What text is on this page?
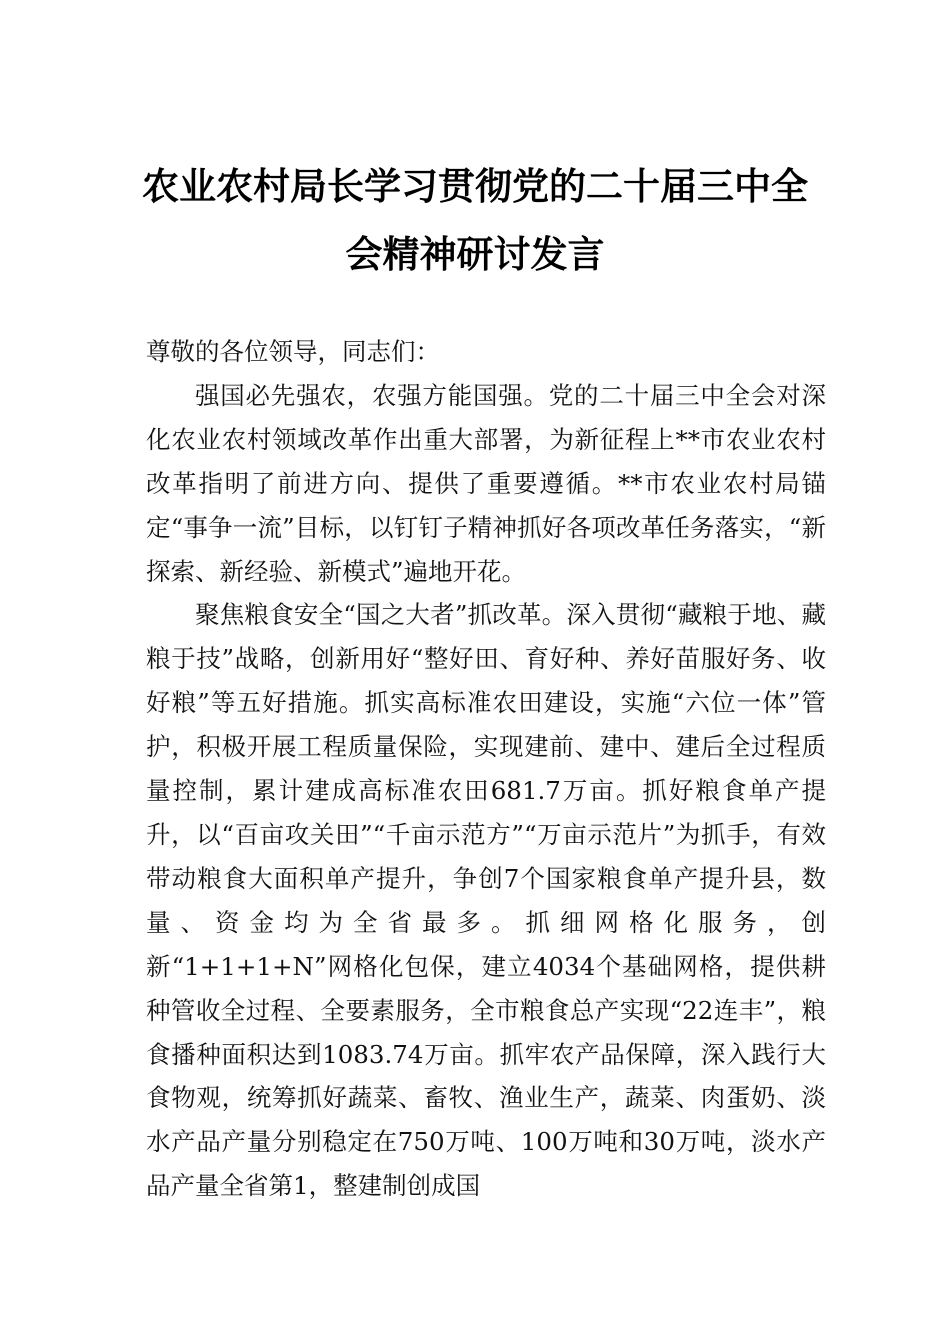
农业农村局长学习贯彻党的二十届三中全
会精神研讨发言

尊敬的各位领导，同志们：

强国必先强农，农强方能国强。党的二十届三中全会对深化农业农村领域改革作出重大部署，为新征程上**市农业农村改革指明了前进方向、提供了重要遵循。**市农业农村局锚定“事争一流”目标，以钉钉子精神抓好各项改革任务落实，“新探索、新经验、新模式”遍地开花。

聚焦粮食安全“国之大者”抓改革。深入贯彻“藏粮于地、藏粮于技”战略，创新用好“整好田、育好种、养好苗服好务、收好粮”等五好措施。抓实高标准农田建设，实施“六位一体”管护，积极开展工程质量保险，实现建前、建中、建后全过程质量控制，累计建成高标准农田681.7万亩。抓好粮食单产提升，以“百亩攻关田”“千亩示范方”“万亩示范片”为抓手，有效带动粮食大面积单产提升，争创7个国家粮食单产提升县，数量、资金均为全省最多。抓细网格化服务，创新“1+1+1+N”网格化包保，建立4034个基础网格，提供耕种管收全过程、全要素服务，全市粮食总产实现“22连丰”，粮食播种面积达到1083.74万亩。抓牢农产品保障，深入践行大食物观，统筹抓好蔬菜、畜牧、渔业生产，蔬菜、肉蛋奶、淡水产品产量分别稳定在750万吨、100万吨和30万吨，淡水产品产量全省第1，整建制创成国
